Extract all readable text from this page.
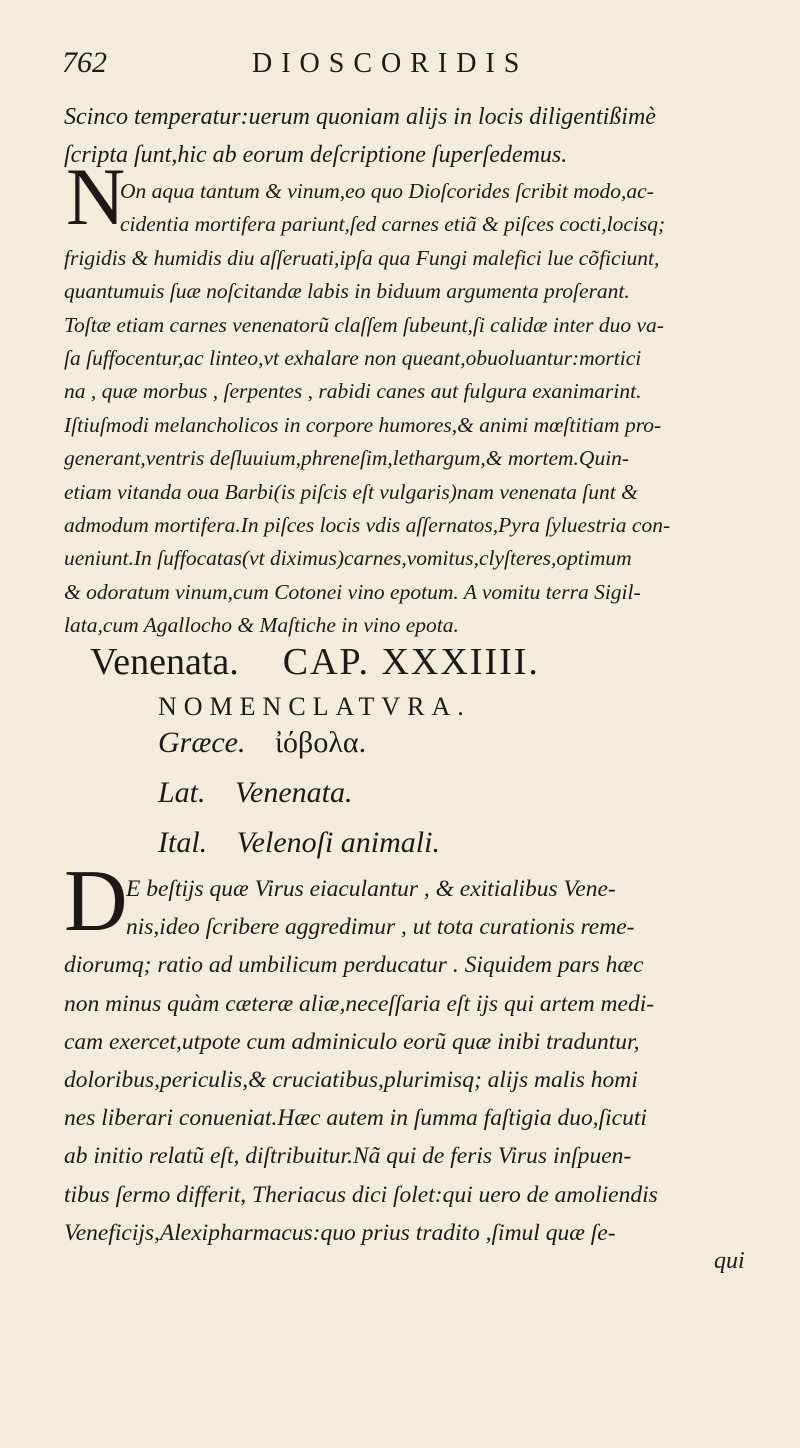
762	DIOSCORIDIS
Scinco temperatur:uerum quoniam alijs in locis diligentißimè
ſcripta ſunt,hic ab eorum deſcriptione ſuperſedemus.
N
On aqua tantum & vinum,eo quo Dioſcorides ſcribit modo,ac-
cidentia mortifera pariunt,ſed carnes etiã & piſces cocti,locisq;
frigidis & humidis diu aſſeruati,ipſa qua Fungi malefici lue cõficiunt,
quantumuis ſuæ noſcitandæ labis in biduum argumenta proſerant.
Toſtæ etiam carnes venenatorũ claſſem ſubeunt,ſi calidæ inter duo va-
ſa ſuffocentur,ac linteo,vt exhalare non queant,obuoluantur:mortici
na , quæ morbus , ſerpentes , rabidi canes aut fulgura exanimarint.
Iſtiuſmodi melancholicos in corpore humores,& animi mœſtitiam pro-
generant,ventris deſluuium,phreneſim,lethargum,& mortem.Quin-
etiam vitanda oua Barbi(is piſcis eſt vulgaris)nam venenata ſunt &
admodum mortifera.In piſces locis vdis aſſernatos,Pyra ſyluestria con-
ueniunt.In ſuffocatas(vt diximus)carnes,vomitus,clyſteres,optimum
& odoratum vinum,cum Cotonei vino epotum. A vomitu terra Sigil-
lata,cum Agallocho & Maſtiche in vino epota.
Venenata. CAP. XXXIIII.
NOMENCLATVRA.
Græce. ἰόβολα.
Lat. Venenata.
Ital. Velenoſi animali.
D
E beſtijs quæ Virus eiaculantur , & exitialibus Vene-
nis,ideo ſcribere aggredimur , ut tota curationis reme-
diorumq; ratio ad umbilicum perducatur . Siquidem pars hæc
non minus quàm cæteræ aliæ,neceſſaria eſt ijs qui artem medi-
cam exercet,utpote cum adminiculo eorũ quæ inibi traduntur,
doloribus,periculis,& cruciatibus,plurimisq; alijs malis homi
nes liberari conueniat.Hæc autem in ſumma faſtigia duo,ſicuti
ab initio relatũ eſt, diſtribuitur.Nã qui de feris Virus inſpuen-
tibus ſermo differit, Theriacus dici ſolet:qui uero de amoliendis
Veneficijs,Alexipharmacus:quo prius tradito ,ſimul quæ ſe-
qui
